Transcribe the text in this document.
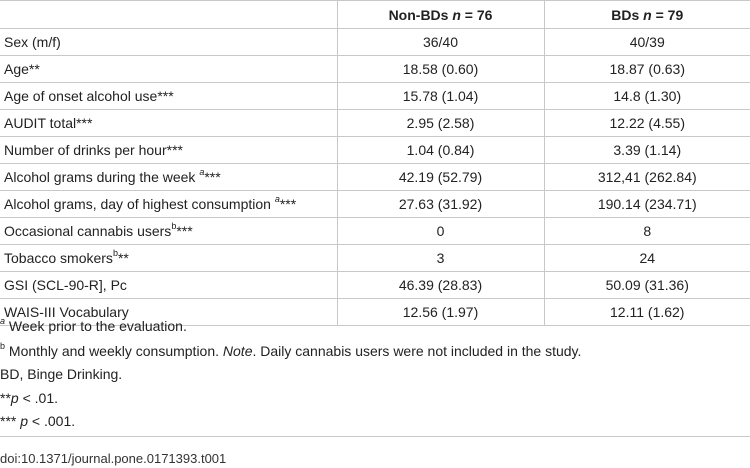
	Non-BDs n = 76	BDs n = 79
Sex (m/f)	36/40	40/39
Age**	18.58 (0.60)	18.87 (0.63)
Age of onset alcohol use***	15.78 (1.04)	14.8 (1.30)
AUDIT total***	2.95 (2.58)	12.22 (4.55)
Number of drinks per hour***	1.04 (0.84)	3.39 (1.14)
Alcohol grams during the week $^a$***	42.19 (52.79)	312,41 (262.84)
Alcohol grams, day of highest consumption $^a$***	27.63 (31.92)	190.14 (234.71)
Occasional cannabis users$^b$***	0	8
Tobacco smokers$^b$**	3	24
GSI (SCL-90-R], Pc	46.39 (28.83)	50.09 (31.36)
WAIS-III Vocabulary	12.56 (1.97)	12.11 (1.62)
$^a$ Week prior to the evaluation.
$^b$ Monthly and weekly consumption. Note. Daily cannabis users were not included in the study.
BD, Binge Drinking.
**p < .01.
*** p < .001.
doi:10.1371/journal.pone.0171393.t001
